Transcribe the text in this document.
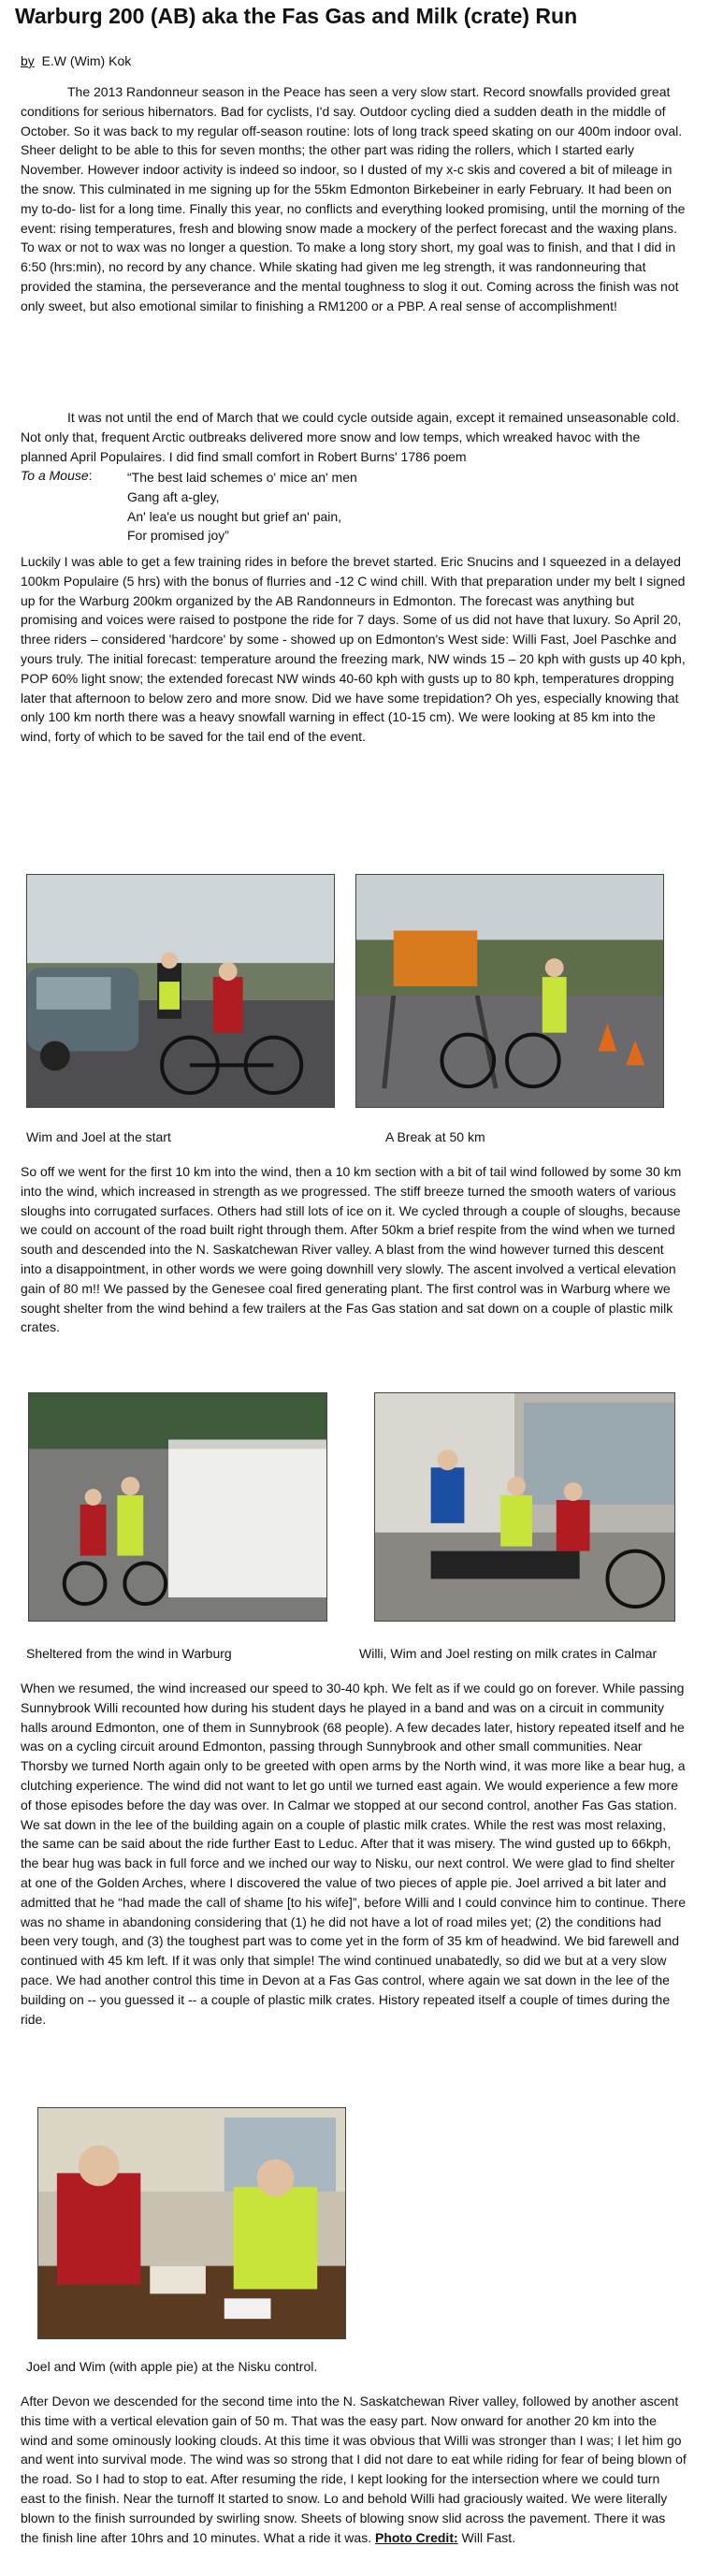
Warburg 200 (AB) aka the Fas Gas and Milk (crate) Run
by E.W (Wim) Kok

The 2013 Randonneur season in the Peace has seen a very slow start. Record snowfalls provided great conditions for serious hibernators. Bad for cyclists, I'd say. Outdoor cycling died a sudden death in the middle of October. So it was back to my regular off-season routine: lots of long track speed skating on our 400m indoor oval. Sheer delight to be able to this for seven months; the other part was riding the rollers, which I started early November. However indoor activity is indeed so indoor, so I dusted of my x-c skis and covered a bit of mileage in the snow. This culminated in me signing up for the 55km Edmonton Birkebeiner in early February. It had been on my to-do- list for a long time. Finally this year, no conflicts and everything looked promising, until the morning of the event: rising temperatures, fresh and blowing snow made a mockery of the perfect forecast and the waxing plans. To wax or not to wax was no longer a question. To make a long story short, my goal was to finish, and that I did in 6:50 (hrs:min), no record by any chance. While skating had given me leg strength, it was randonneuring that provided the stamina, the perseverance and the mental toughness to slog it out. Coming across the finish was not only sweet, but also emotional similar to finishing a RM1200 or a PBP. A real sense of accomplishment!

It was not until the end of March that we could cycle outside again, except it remained unseasonable cold. Not only that, frequent Arctic outbreaks delivered more snow and low temps, which wreaked havoc with the planned April Populaires. I did find small comfort in Robert Burns' 1786 poem
To a Mouse:	“The best laid schemes o' mice an' men
Gang aft a-gley,
An' lea'e us nought but grief an' pain,
For promised joy”

Luckily I was able to get a few training rides in before the brevet started. Eric Snucins and I squeezed in a delayed 100km Populaire (5 hrs) with the bonus of flurries and -12 C wind chill. With that preparation under my belt I signed up for the Warburg 200km organized by the AB Randonneurs in Edmonton. The forecast was anything but promising and voices were raised to postpone the ride for 7 days. Some of us did not have that luxury. So April 20, three riders – considered 'hardcore' by some - showed up on Edmonton's West side: Willi Fast, Joel Paschke and yours truly. The initial forecast: temperature around the freezing mark, NW winds 15 – 20 kph with gusts up 40 kph, POP 60% light snow; the extended forecast NW winds 40-60 kph with gusts up to 80 kph, temperatures dropping later that afternoon to below zero and more snow. Did we have some trepidation? Oh yes, especially knowing that only 100 km north there was a heavy snowfall warning in effect (10-15 cm). We were looking at 85 km into the wind, forty of which to be saved for the tail end of the event.

Wim and Joel at the start	A Break at 50 km

So off we went for the first 10 km into the wind, then a 10 km section with a bit of tail wind followed by some 30 km into the wind, which increased in strength as we progressed. The stiff breeze turned the smooth waters of various sloughs into corrugated surfaces. Others had still lots of ice on it. We cycled through a couple of sloughs, because we could on account of the road built right through them. After 50km a brief respite from the wind when we turned south and descended into the N. Saskatchewan River valley. A blast from the wind however turned this descent into a disappointment, in other words we were going downhill very slowly. The ascent involved a vertical elevation gain of 80 m!! We passed by the Genesee coal fired generating plant. The first control was in Warburg where we sought shelter from the wind behind a few trailers at the Fas Gas station and sat down on a couple of plastic milk crates.

Sheltered from the wind in Warburg	Willi, Wim and Joel resting on milk crates in Calmar

When we resumed, the wind increased our speed to 30-40 kph. We felt as if we could go on forever. While passing Sunnybrook Willi recounted how during his student days he played in a band and was on a circuit in community halls around Edmonton, one of them in Sunnybrook (68 people). A few decades later, history repeated itself and he was on a cycling circuit around Edmonton, passing through Sunnybrook and other small communities. Near Thorsby we turned North again only to be greeted with open arms by the North wind, it was more like a bear hug, a clutching experience. The wind did not want to let go until we turned east again. We would experience a few more of those episodes before the day was over. In Calmar we stopped at our second control, another Fas Gas station. We sat down in the lee of the building again on a couple of plastic milk crates. While the rest was most relaxing, the same can be said about the ride further East to Leduc. After that it was misery. The wind gusted up to 66kph, the bear hug was back in full force and we inched our way to Nisku, our next control. We were glad to find shelter at one of the Golden Arches, where I discovered the value of two pieces of apple pie. Joel arrived a bit later and admitted that he “had made the call of shame [to his wife]”, before Willi and I could convince him to continue. There was no shame in abandoning considering that (1) he did not have a lot of road miles yet; (2) the conditions had been very tough, and (3) the toughest part was to come yet in the form of 35 km of headwind. We bid farewell and continued with 45 km left. If it was only that simple! The wind continued unabatedly, so did we but at a very slow pace. We had another control this time in Devon at a Fas Gas control, where again we sat down in the lee of the building on -- you guessed it -- a couple of plastic milk crates. History repeated itself a couple of times during the ride.

Joel and Wim (with apple pie) at the Nisku control.

After Devon we descended for the second time into the N. Saskatchewan River valley, followed by another ascent this time with a vertical elevation gain of 50 m. That was the easy part. Now onward for another 20 km into the wind and some ominously looking clouds. At this time it was obvious that Willi was stronger than I was; I let him go and went into survival mode. The wind was so strong that I did not dare to eat while riding for fear of being blown of the road. So I had to stop to eat. After resuming the ride, I kept looking for the intersection where we could turn east to the finish. Near the turnoff It started to snow. Lo and behold Willi had graciously waited. We were literally blown to the finish surrounded by swirling snow. Sheets of blowing snow slid across the pavement. There it was the finish line after 10hrs and 10 minutes. What a ride it was. Photo Credit: Will Fast.
